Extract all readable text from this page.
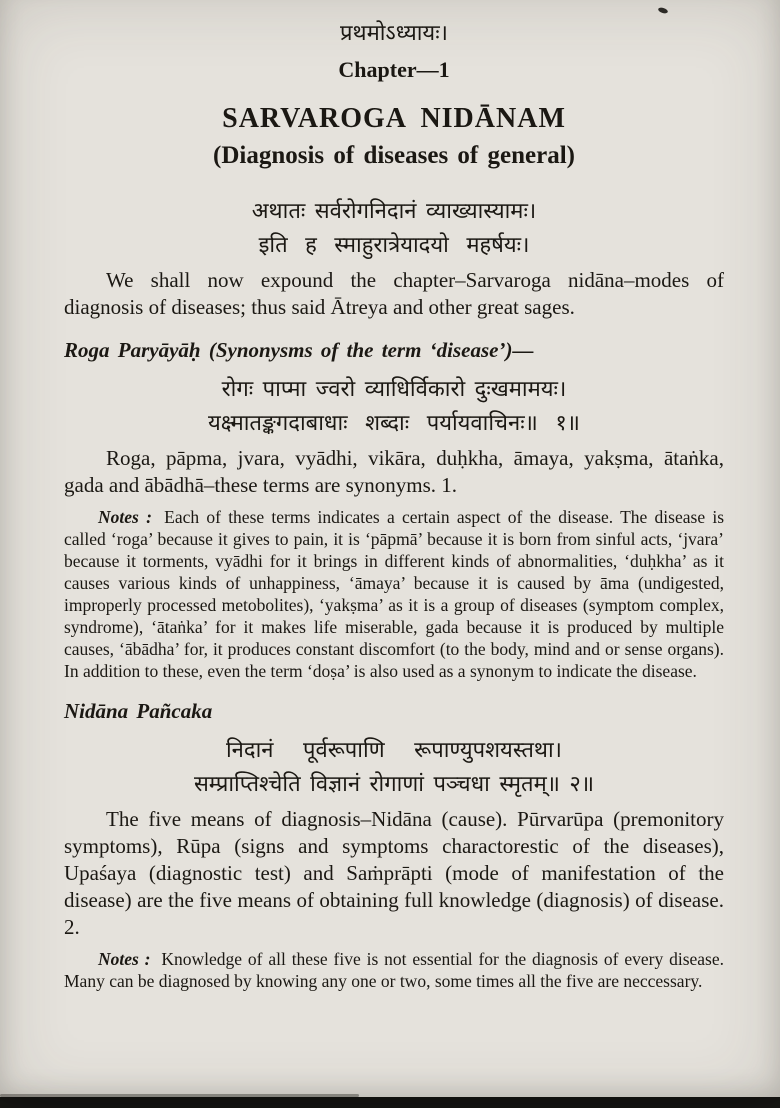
प्रथमोऽध्यायः।
Chapter—1
SARVAROGA NIDĀNAM
(Diagnosis of diseases of general)
अथातः सर्वरोगनिदानं व्याख्यास्यामः।
इति ह स्माहुरात्रेयादयो महर्षयः।

We shall now expound the chapter–Sarvaroga nidāna–modes of diagnosis of diseases; thus said Ātreya and other great sages.

Roga Paryāyāḥ (Synonysms of the term ‘disease’)—
रोगः पाप्मा ज्वरो व्याधिर्विकारो दुःखमामयः।
यक्ष्मातङ्कगदाबाधाः शब्दाः पर्यायवाचिनः॥ १॥

Roga, pāpma, jvara, vyādhi, vikāra, duḥkha, āmaya, yakṣma, ātaṅka, gada and ābādhā–these terms are synonyms. 1.

Notes : Each of these terms indicates a certain aspect of the disease. The disease is called ‘roga’ because it gives to pain, it is ‘pāpmā’ because it is born from sinful acts, ‘jvara’ because it torments, vyādhi for it brings in different kinds of abnormalities, ‘duḥkha’ as it causes various kinds of unhappiness, ‘āmaya’ because it is caused by āma (undigested, improperly processed metobolites), ‘yakṣma’ as it is a group of diseases (symptom complex, syndrome), ‘ātaṅka’ for it makes life miserable, gada because it is produced by multiple causes, ‘ābādha’ for, it produces constant discomfort (to the body, mind and or sense organs). In addition to these, even the term ‘doṣa’ is also used as a synonym to indicate the disease.

Nidāna Pañcaka
निदानं पूर्वरूपाणि रूपाण्युपशयस्तथा।
सम्प्राप्तिश्चेति विज्ञानं रोगाणां पञ्चधा स्मृतम्॥ २॥

The five means of diagnosis–Nidāna (cause). Pūrvarūpa (premonitory symptoms), Rūpa (signs and symptoms charactorestic of the diseases), Upaśaya (diagnostic test) and Saṁprāpti (mode of manifestation of the disease) are the five means of obtaining full knowledge (diagnosis) of disease. 2.

Notes : Knowledge of all these five is not essential for the diagnosis of every disease. Many can be diagnosed by knowing any one or two, some times all the five are neccessary.
